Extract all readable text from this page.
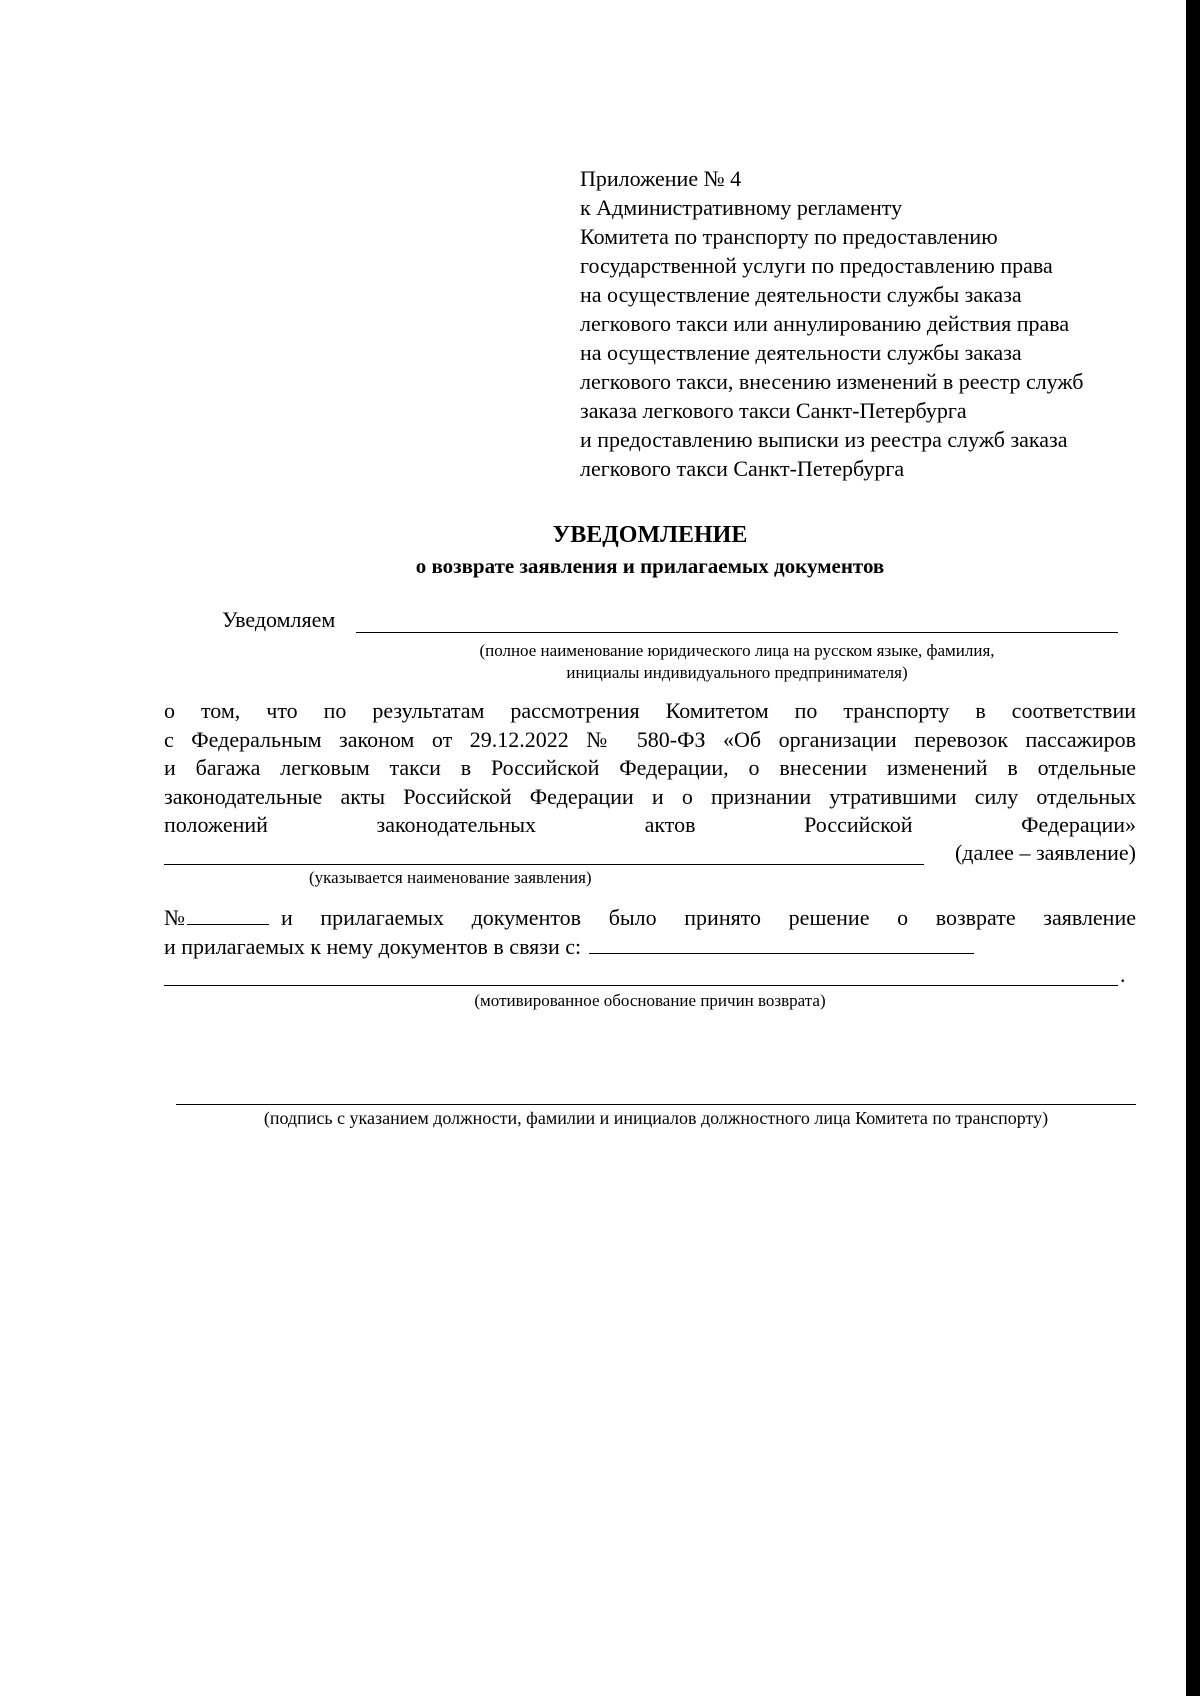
Приложение № 4
к Административному регламенту
Комитета по транспорту по предоставлению
государственной услуги по предоставлению права
на осуществление деятельности службы заказа
легкового такси или аннулированию действия права
на осуществление деятельности службы заказа
легкового такси, внесению изменений в реестр служб
заказа легкового такси Санкт-Петербурга
и предоставлению выписки из реестра служб заказа
легкового такси Санкт-Петербурга
УВЕДОМЛЕНИЕ
о возврате заявления и прилагаемых документов
Уведомляем
(полное наименование юридического лица на русском языке, фамилия,
инициалы индивидуального предпринимателя)
о том, что по результатам рассмотрения Комитетом по транспорту в соответствии
с Федеральным законом от 29.12.2022 № 580-ФЗ «Об организации перевозок пассажиров
и багажа легковым такси в Российской Федерации, о внесении изменений в отдельные
законодательные акты Российской Федерации и о признании утратившими силу отдельных
положений законодательных актов Российской Федерации»
(далее – заявление)
(указывается наименование заявления)
№	и прилагаемых документов было принято решение о возврате заявление
и прилагаемых к нему документов в связи с:
.
(мотивированное обоснование причин возврата)
(подпись с указанием должности, фамилии и инициалов должностного лица Комитета по транспорту)
